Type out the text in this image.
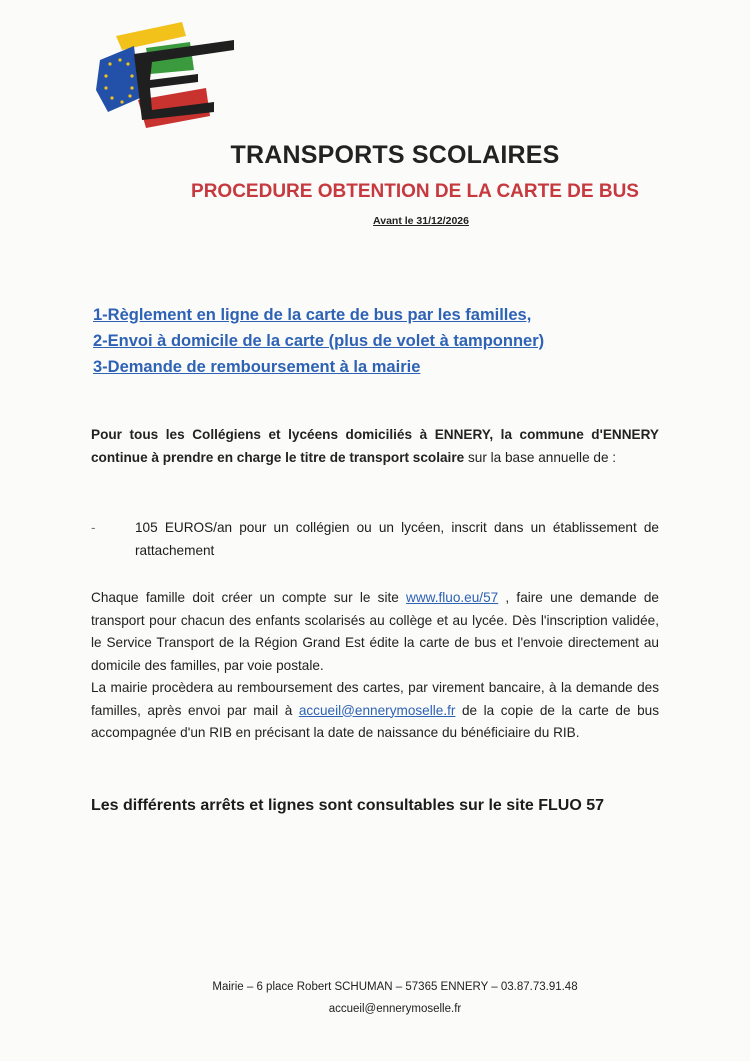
TRANSPORTS SCOLAIRES
PROCEDURE OBTENTION DE LA CARTE DE BUS
Avant le 31/12/2026
1-Règlement en ligne de la carte de bus par les familles,
2-Envoi à domicile de la carte (plus de volet à tamponner)
3-Demande de remboursement à la mairie
Pour tous les Collégiens et lycéens domiciliés à ENNERY, la commune d'ENNERY continue à prendre en charge le titre de transport scolaire sur la base annuelle de :
-	105 EUROS/an pour un collégien ou un lycéen, inscrit dans un établissement de rattachement
Chaque famille doit créer un compte sur le site www.fluo.eu/57 , faire une demande de transport pour chacun des enfants scolarisés au collège et au lycée. Dès l'inscription validée, le Service Transport de la Région Grand Est édite la carte de bus et l'envoie directement au domicile des familles, par voie postale.
La mairie procèdera au remboursement des cartes, par virement bancaire, à la demande des familles, après envoi par mail à accueil@ennerymoselle.fr de la copie de la carte de bus accompagnée d'un RIB en précisant la date de naissance du bénéficiaire du RIB.
Les différents arrêts et lignes sont consultables sur le site FLUO 57
Mairie – 6 place Robert SCHUMAN – 57365 ENNERY – 03.87.73.91.48
accueil@ennerymoselle.fr
